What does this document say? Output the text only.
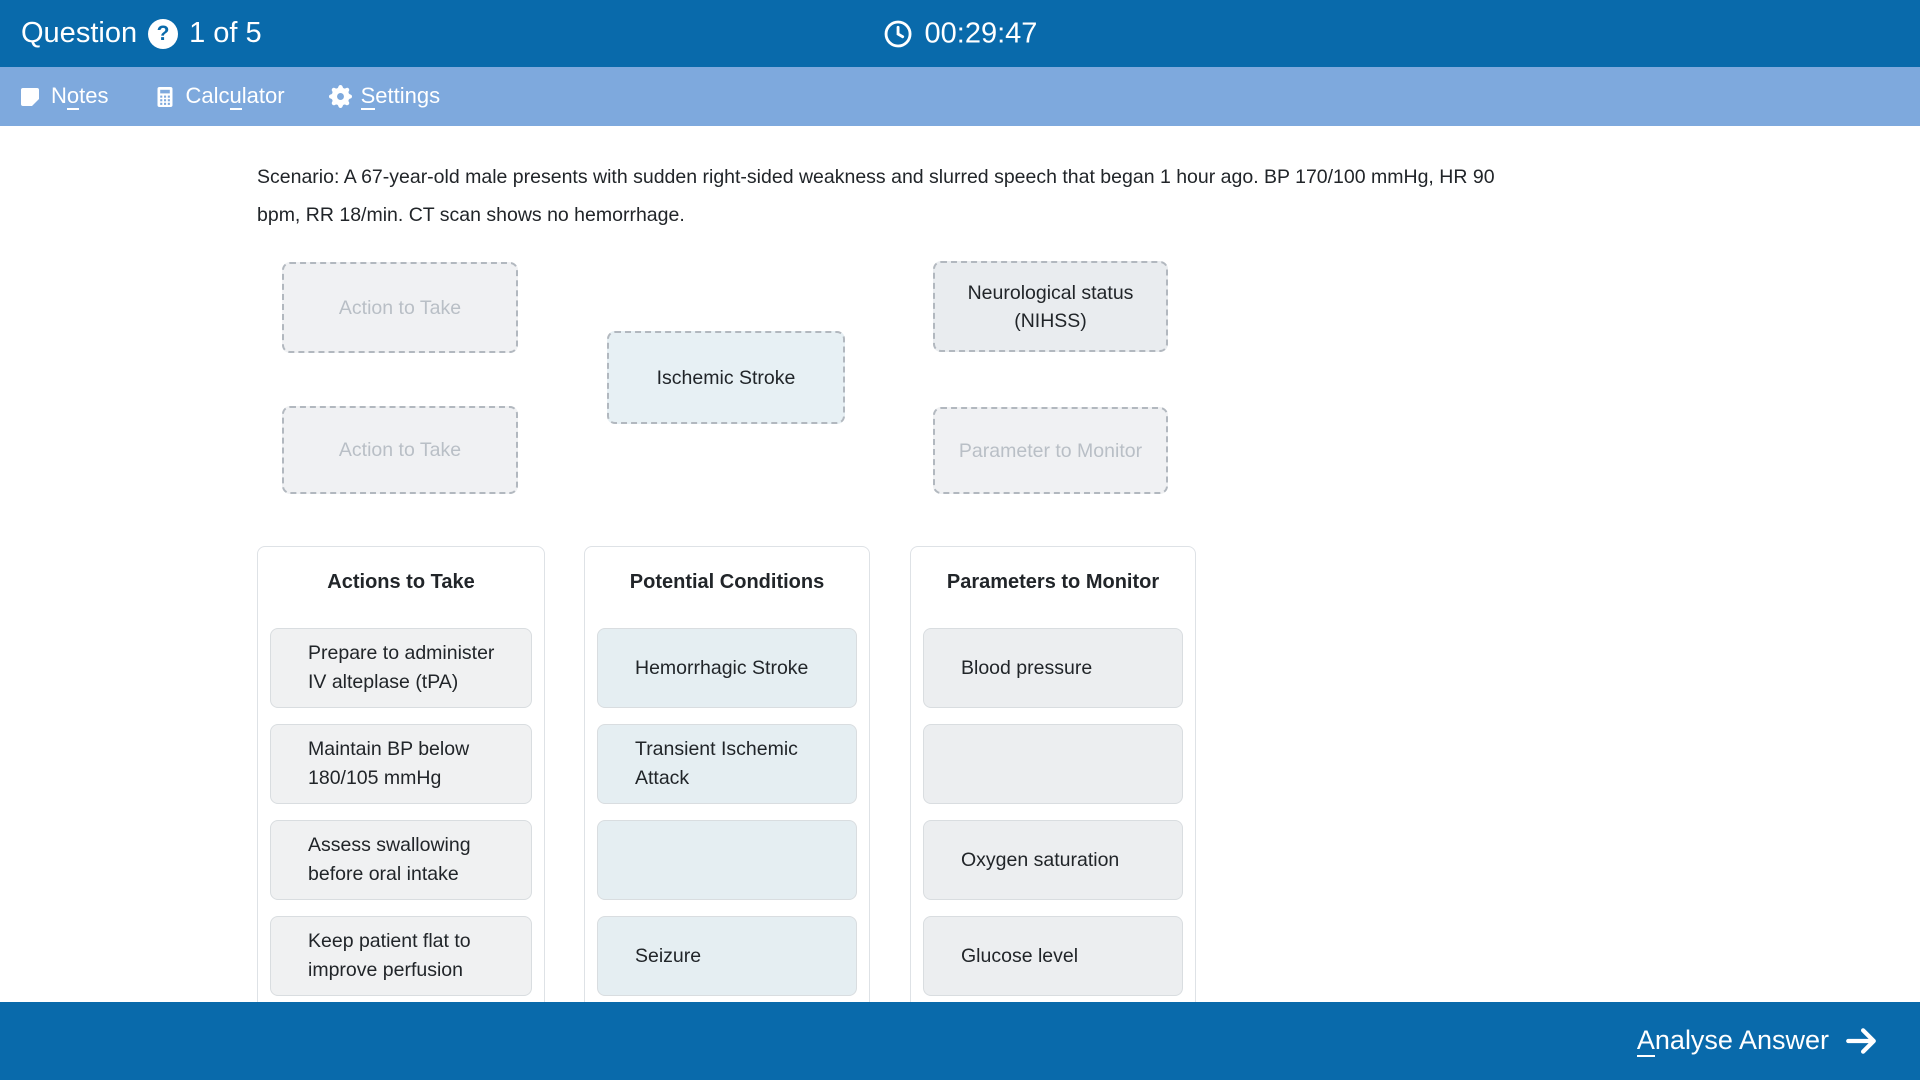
Question ? 1 of 5	00:29:47
Notes	Calculator	Settings
Scenario: A 67-year-old male presents with sudden right-sided weakness and slurred speech that began 1 hour ago. BP 170/100 mmHg, HR 90 bpm, RR 18/min. CT scan shows no hemorrhage.
Action to Take
Action to Take
Ischemic Stroke
Neurological status (NIHSS)
Parameter to Monitor
Actions to Take
Prepare to administer IV alteplase (tPA)
Maintain BP below 180/105 mmHg
Assess swallowing before oral intake
Keep patient flat to improve perfusion
Potential Conditions
Hemorrhagic Stroke
Transient Ischemic Attack
Seizure
Parameters to Monitor
Blood pressure
Oxygen saturation
Glucose level
Analyse Answer
